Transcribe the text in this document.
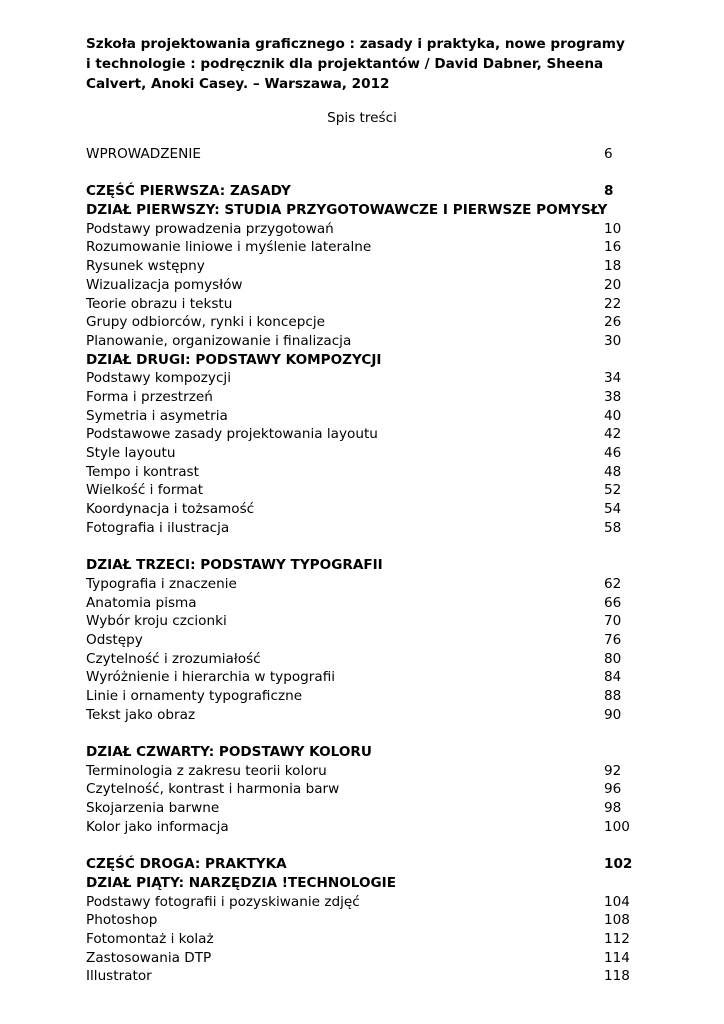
Szkoła projektowania graficznego : zasady i praktyka, nowe programy
i technologie : podręcznik dla projektantów / David Dabner, Sheena
Calvert, Anoki Casey. – Warszawa, 2012
Spis treści
WPROWADZENIE	6
CZĘŚĆ PIERWSZA: ZASADY	8
DZIAŁ PIERWSZY: STUDIA PRZYGOTOWAWCZE I PIERWSZE POMYSŁY
Podstawy prowadzenia przygotowań	10
Rozumowanie liniowe i myślenie lateralne	16
Rysunek wstępny	18
Wizualizacja pomysłów	20
Teorie obrazu i tekstu	22
Grupy odbiorców, rynki i koncepcje	26
Planowanie, organizowanie i finalizacja	30
DZIAŁ DRUGI: PODSTAWY KOMPOZYCJI
Podstawy kompozycji	34
Forma i przestrzeń	38
Symetria i asymetria	40
Podstawowe zasady projektowania layoutu	42
Style layoutu	46
Tempo i kontrast	48
Wielkość i format	52
Koordynacja i tożsamość	54
Fotografia i ilustracja	58
DZIAŁ TRZECI: PODSTAWY TYPOGRAFII
Typografia i znaczenie	62
Anatomia pisma	66
Wybór kroju czcionki	70
Odstępy	76
Czytelność i zrozumiałość	80
Wyróżnienie i hierarchia w typografii	84
Linie i ornamenty typograficzne	88
Tekst jako obraz	90
DZIAŁ CZWARTY: PODSTAWY KOLORU
Terminologia z zakresu teorii koloru	92
Czytelność, kontrast i harmonia barw	96
Skojarzenia barwne	98
Kolor jako informacja	100
CZĘŚĆ DROGA: PRAKTYKA	102
DZIAŁ PIĄTY: NARZĘDZIA !TECHNOLOGIE
Podstawy fotografii i pozyskiwanie zdjęć	104
Photoshop	108
Fotomontaż i kolaż	112
Zastosowania DTP	114
Illustrator	118
